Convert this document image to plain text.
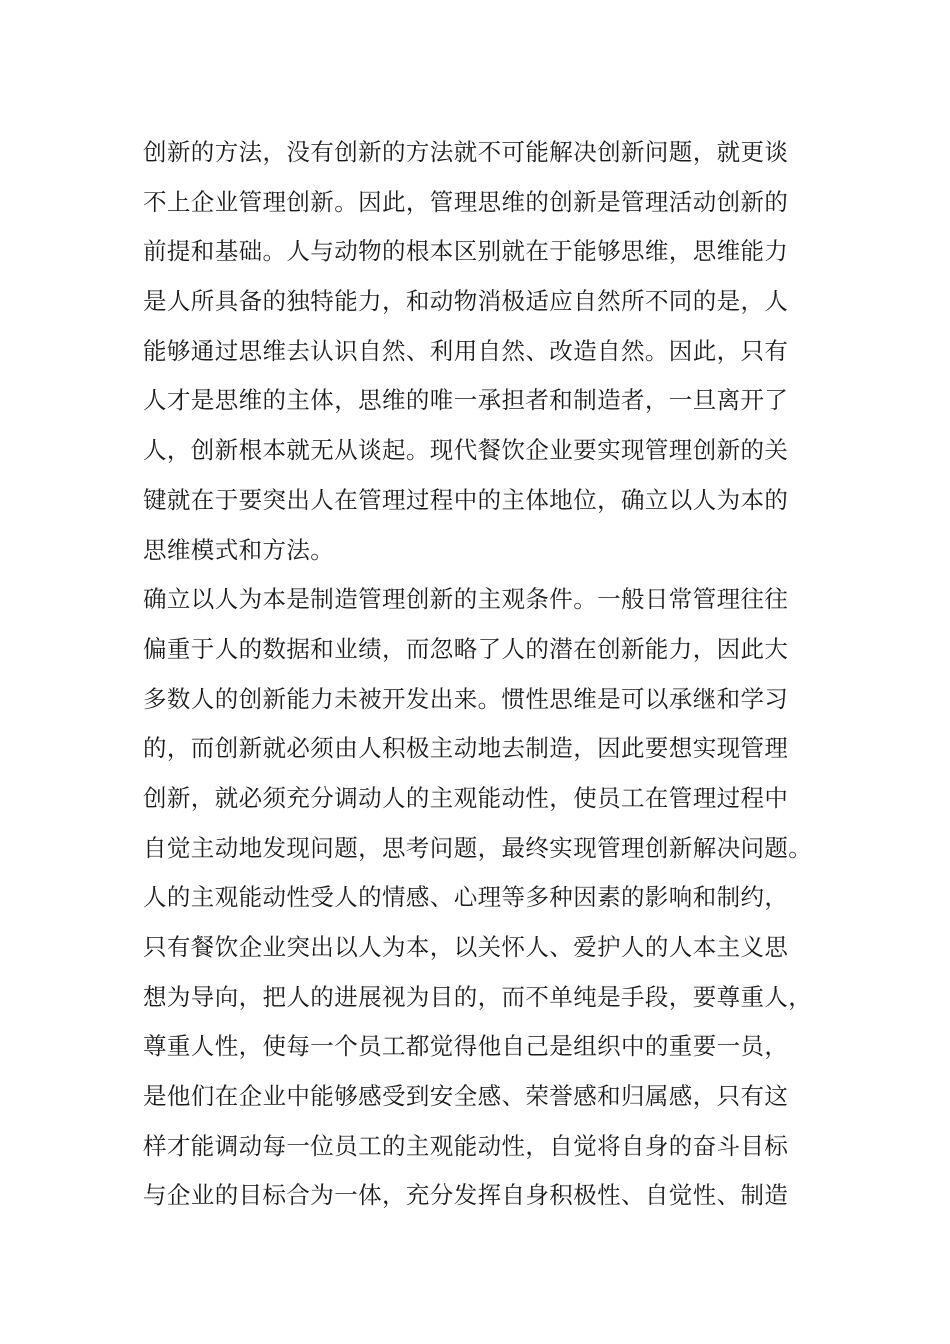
创新的方法，没有创新的方法就不可能解决创新问题，就更谈
不上企业管理创新。因此，管理思维的创新是管理活动创新的
前提和基础。人与动物的根本区别就在于能够思维，思维能力
是人所具备的独特能力，和动物消极适应自然所不同的是，人
能够通过思维去认识自然、利用自然、改造自然。因此，只有
人才是思维的主体，思维的唯一承担者和制造者，一旦离开了
人，创新根本就无从谈起。现代餐饮企业要实现管理创新的关
键就在于要突出人在管理过程中的主体地位，确立以人为本的
思维模式和方法。
确立以人为本是制造管理创新的主观条件。一般日常管理往往
偏重于人的数据和业绩，而忽略了人的潜在创新能力，因此大
多数人的创新能力未被开发出来。惯性思维是可以承继和学习
的，而创新就必须由人积极主动地去制造，因此要想实现管理
创新，就必须充分调动人的主观能动性，使员工在管理过程中
自觉主动地发现问题，思考问题，最终实现管理创新解决问题。
人的主观能动性受人的情感、心理等多种因素的影响和制约，
只有餐饮企业突出以人为本，以关怀人、爱护人的人本主义思
想为导向，把人的进展视为目的，而不单纯是手段，要尊重人，
尊重人性，使每一个员工都觉得他自己是组织中的重要一员，
是他们在企业中能够感受到安全感、荣誉感和归属感，只有这
样才能调动每一位员工的主观能动性，自觉将自身的奋斗目标
与企业的目标合为一体，充分发挥自身积极性、自觉性、制造
